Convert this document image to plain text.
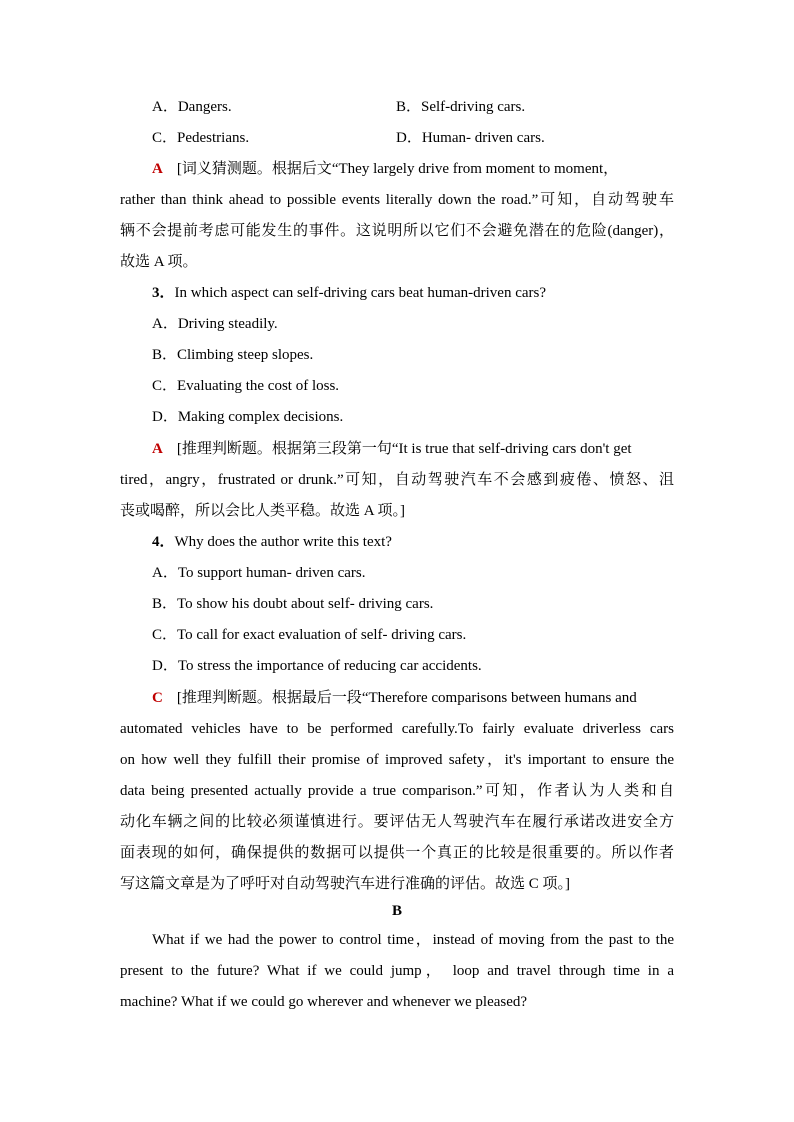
A．Dangers.	B．Self-driving cars.
C．Pedestrians.	D．Human- driven cars.
A [词义猜测题。根据后文“They largely drive from moment to moment，
rather than think ahead to possible events literally down the road.”可知，自动驾驶车
辆不会提前考虑可能发生的事件。这说明所以它们不会避免潜在的危险(danger)，
故选 A 项。
3．In which aspect can self-driving cars beat human-driven cars?
A．Driving steadily.
B．Climbing steep slopes.
C．Evaluating the cost of loss.
D．Making complex decisions.
A [推理判断题。根据第三段第一句“It is true that self-driving cars don't get
tired，angry，frustrated or drunk.”可知，自动驾驶汽车不会感到疲倦、愤怒、沮
丧或喝醉，所以会比人类平稳。故选 A 项。]
4．Why does the author write this text?
A．To support human- driven cars.
B．To show his doubt about self- driving cars.
C．To call for exact evaluation of self- driving cars.
D．To stress the importance of reducing car accidents.
C [推理判断题。根据最后一段“Therefore comparisons between humans and
automated vehicles have to be performed carefully.To fairly evaluate driverless cars
on how well they fulfill their promise of improved safety，it's important to ensure the
data being presented actually provide a true comparison.”可知，作者认为人类和自
动化车辆之间的比较必须谨慎进行。要评估无人驾驶汽车在履行承诺改进安全方
面表现的如何，确保提供的数据可以提供一个真正的比较是很重要的。所以作者
写这篇文章是为了呼吁对自动驾驶汽车进行准确的评估。故选 C 项。]
B
What if we had the power to control time，instead of moving from the past to the
present to the future? What if we could jump， loop and travel through time in a
machine? What if we could go wherever and whenever we pleased?
